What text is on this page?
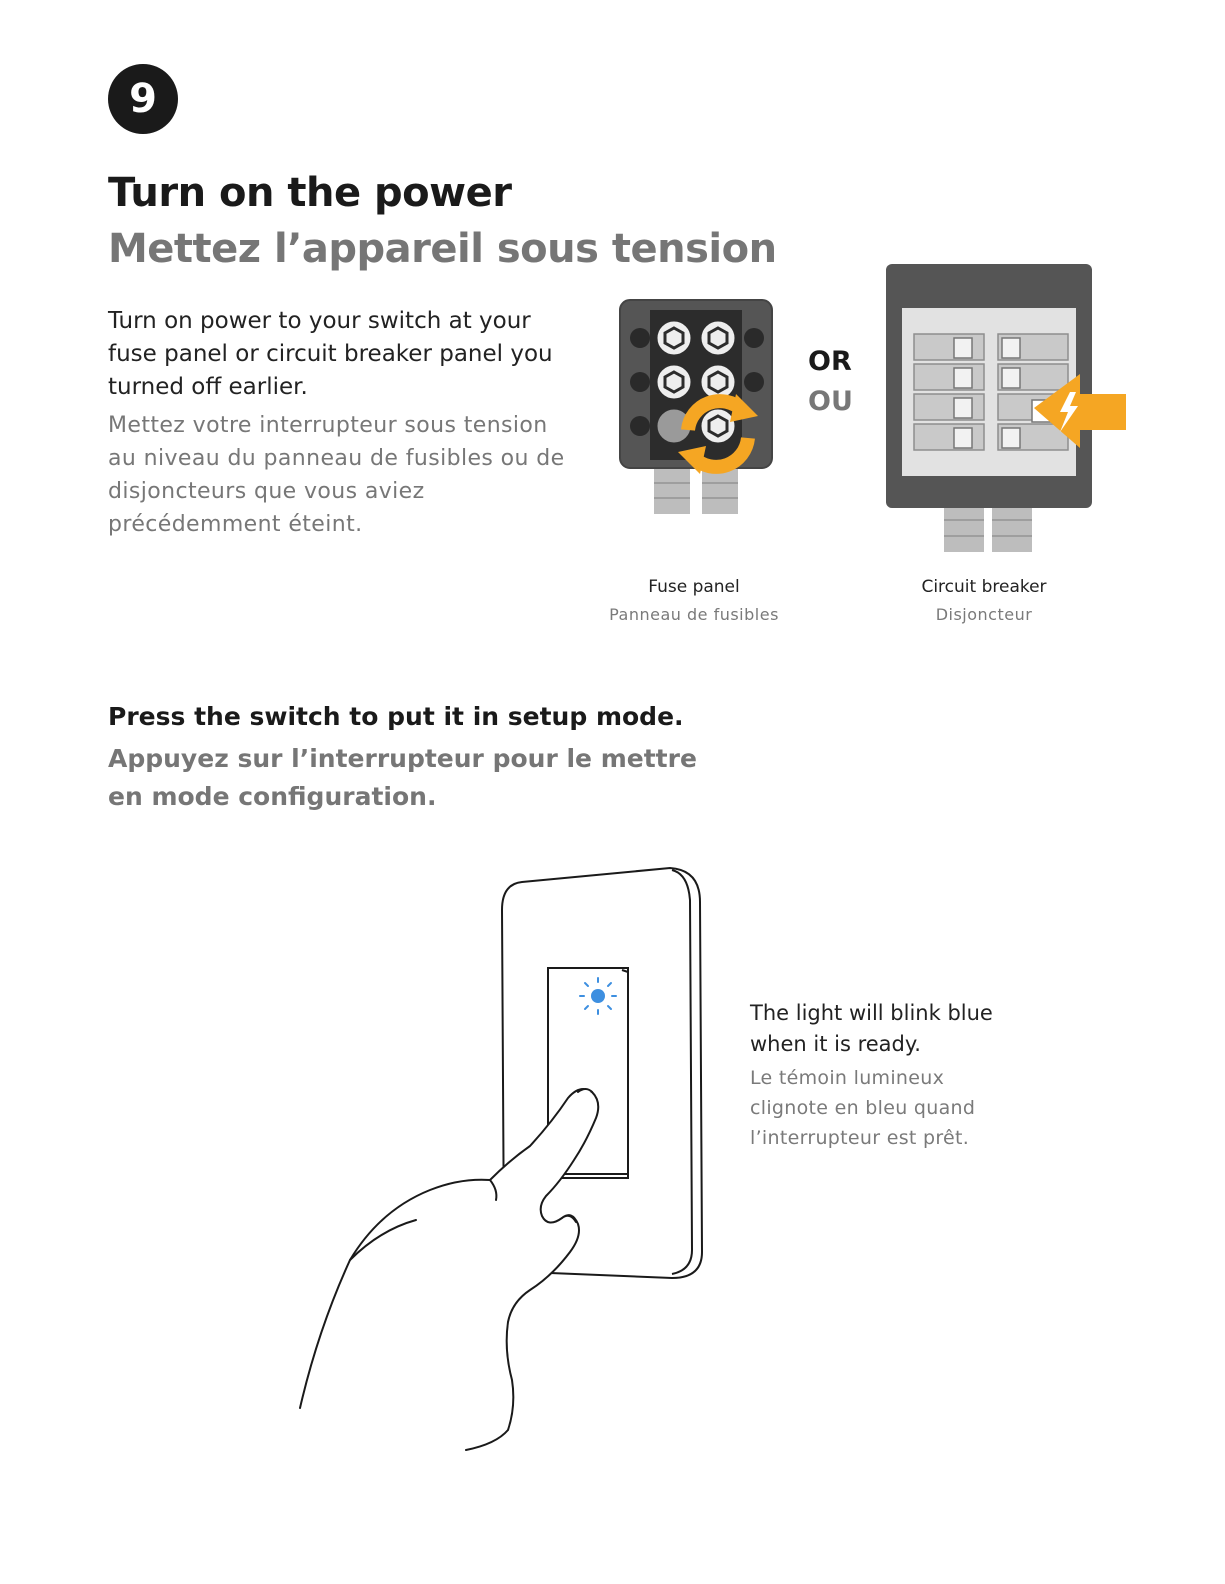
9
Turn on the power
Mettez l’appareil sous tension

Turn on power to your switch at your fuse panel or circuit breaker panel you turned off earlier.

Mettez votre interrupteur sous tension au niveau du panneau de fusibles ou de disjoncteurs que vous aviez précédemment éteint.

OR
OU
Fuse panel
Panneau de fusibles
Circuit breaker
Disjoncteur
Press the switch to put it in setup mode.
Appuyez sur l’interrupteur pour le mettre en mode configuration.

The light will blink blue when it is ready.

Le témoin lumineux clignote en bleu quand l’interrupteur est prêt.
